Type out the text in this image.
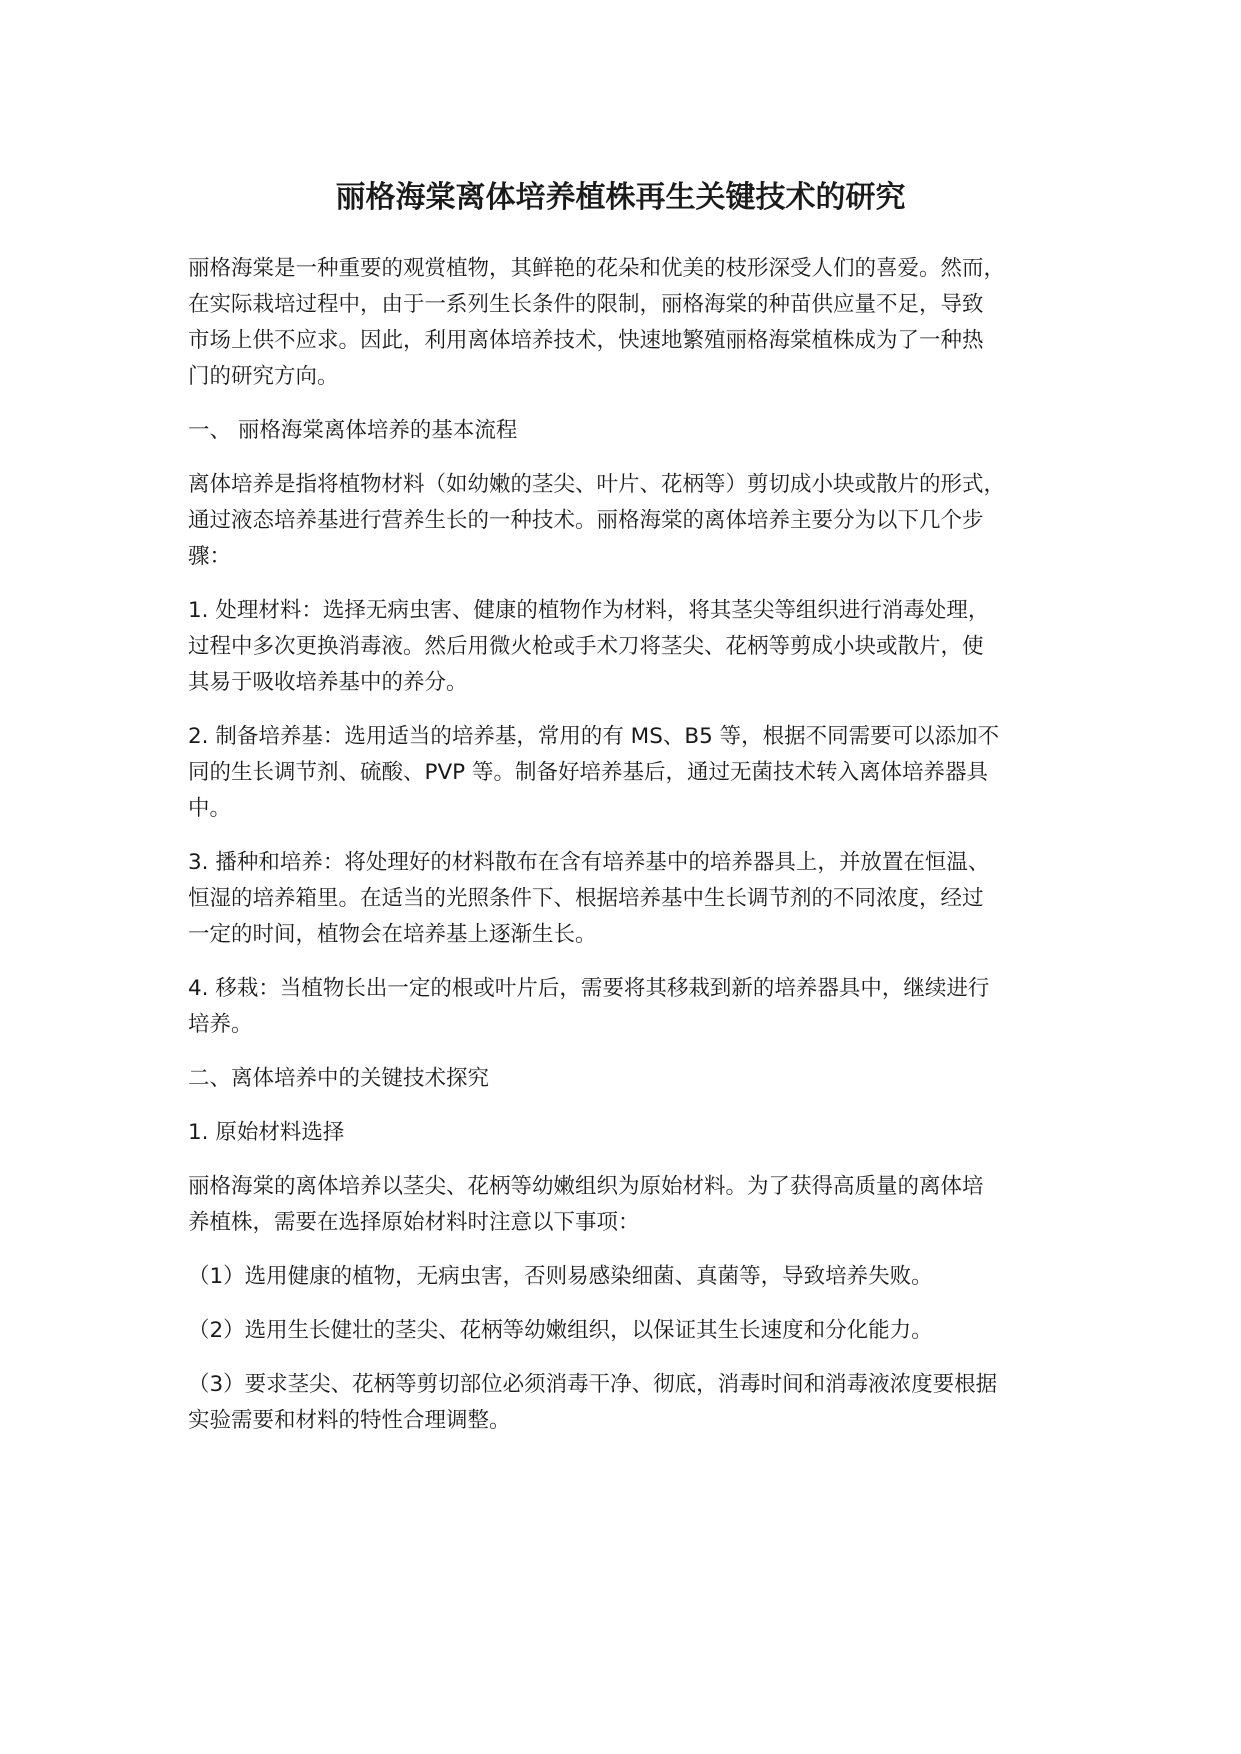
丽格海棠离体培养植株再生关键技术的研究
丽格海棠是一种重要的观赏植物，其鲜艳的花朵和优美的枝形深受人们的喜爱。然而，
在实际栽培过程中，由于一系列生长条件的限制，丽格海棠的种苗供应量不足，导致
市场上供不应求。因此，利用离体培养技术，快速地繁殖丽格海棠植株成为了一种热
门的研究方向。
一、 丽格海棠离体培养的基本流程
离体培养是指将植物材料（如幼嫩的茎尖、叶片、花柄等）剪切成小块或散片的形式，
通过液态培养基进行营养生长的一种技术。丽格海棠的离体培养主要分为以下几个步
骤：
1. 处理材料：选择无病虫害、健康的植物作为材料，将其茎尖等组织进行消毒处理，
过程中多次更换消毒液。然后用微火枪或手术刀将茎尖、花柄等剪成小块或散片，使
其易于吸收培养基中的养分。
2. 制备培养基：选用适当的培养基，常用的有 MS、B5 等，根据不同需要可以添加不
同的生长调节剂、硫酸、PVP 等。制备好培养基后，通过无菌技术转入离体培养器具
中。
3. 播种和培养：将处理好的材料散布在含有培养基中的培养器具上，并放置在恒温、
恒湿的培养箱里。在适当的光照条件下、根据培养基中生长调节剂的不同浓度，经过
一定的时间，植物会在培养基上逐渐生长。
4. 移栽：当植物长出一定的根或叶片后，需要将其移栽到新的培养器具中，继续进行
培养。
二、离体培养中的关键技术探究
1. 原始材料选择
丽格海棠的离体培养以茎尖、花柄等幼嫩组织为原始材料。为了获得高质量的离体培
养植株，需要在选择原始材料时注意以下事项：
（1）选用健康的植物，无病虫害，否则易感染细菌、真菌等，导致培养失败。
（2）选用生长健壮的茎尖、花柄等幼嫩组织，以保证其生长速度和分化能力。
（3）要求茎尖、花柄等剪切部位必须消毒干净、彻底，消毒时间和消毒液浓度要根据
实验需要和材料的特性合理调整。
